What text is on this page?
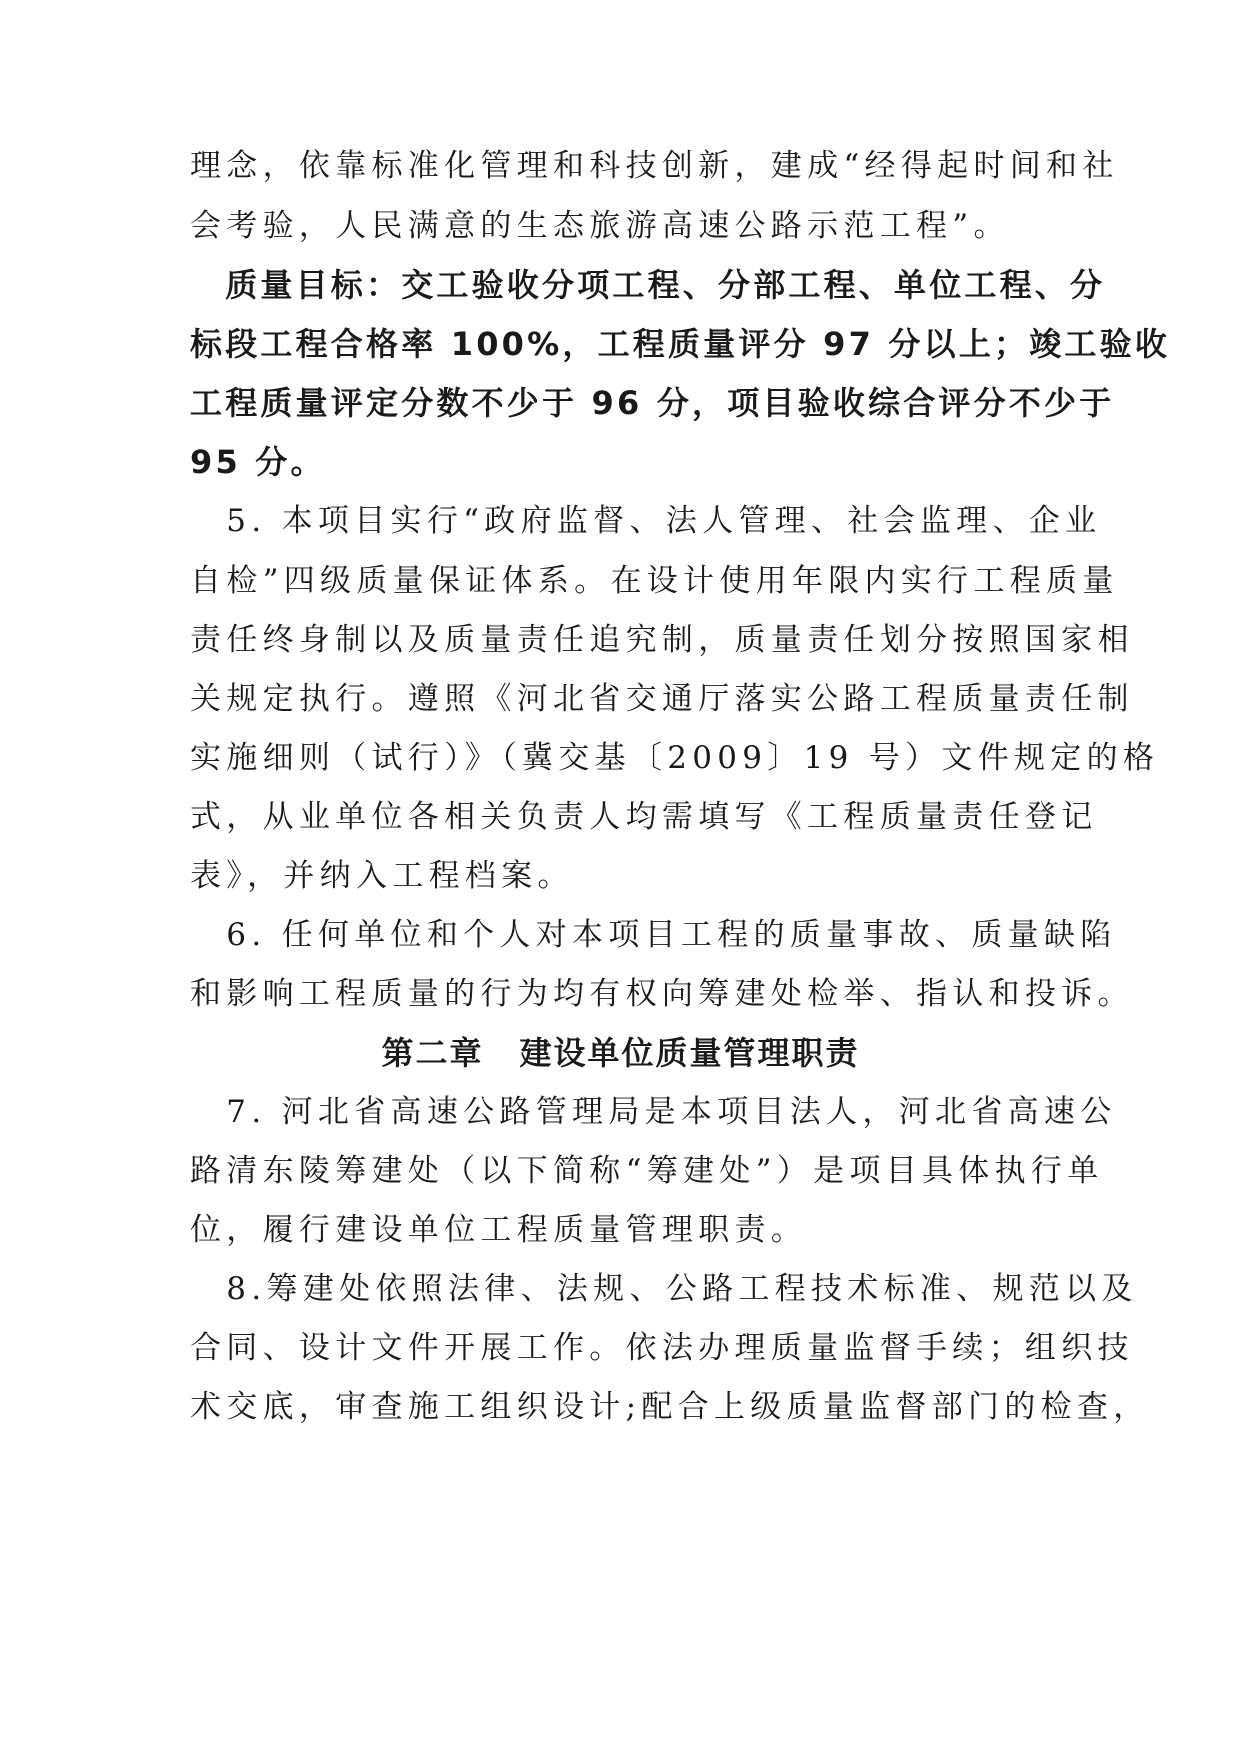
理念，依靠标准化管理和科技创新，建成“经得起时间和社
会考验，人民满意的生态旅游高速公路示范工程”。
　质量目标：交工验收分项工程、分部工程、单位工程、分
标段工程合格率 100%，工程质量评分 97 分以上；竣工验收
工程质量评定分数不少于 96 分，项目验收综合评分不少于
95 分。
　5. 本项目实行“政府监督、法人管理、社会监理、企业
自检”四级质量保证体系。在设计使用年限内实行工程质量
责任终身制以及质量责任追究制，质量责任划分按照国家相
关规定执行。遵照《河北省交通厅落实公路工程质量责任制
实施细则（试行）》（冀交基〔2009〕19 号）文件规定的格
式，从业单位各相关负责人均需填写《工程质量责任登记
表》，并纳入工程档案。
　6. 任何单位和个人对本项目工程的质量事故、质量缺陷
和影响工程质量的行为均有权向筹建处检举、指认和投诉。
第二章 建设单位质量管理职责
　7. 河北省高速公路管理局是本项目法人，河北省高速公
路清东陵筹建处（以下简称“筹建处”）是项目具体执行单
位，履行建设单位工程质量管理职责。
　8.筹建处依照法律、法规、公路工程技术标准、规范以及
合同、设计文件开展工作。依法办理质量监督手续；组织技
术交底，审查施工组织设计;配合上级质量监督部门的检查，
